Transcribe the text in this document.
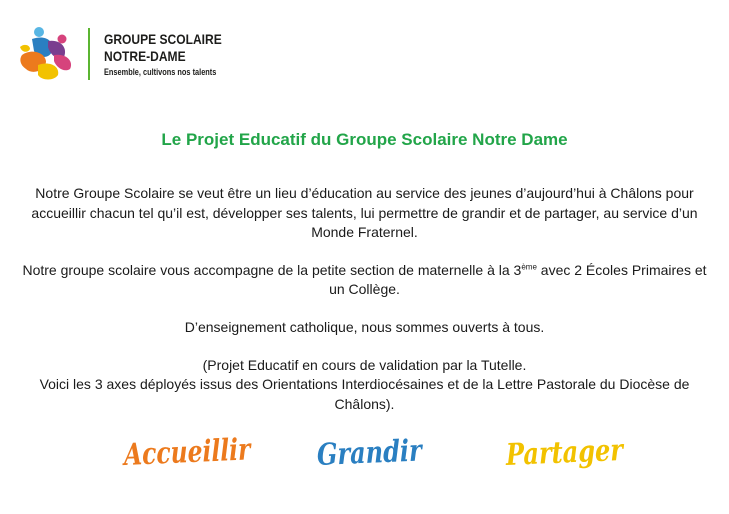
GROUPE SCOLAIRE
NOTRE-DAME
Ensemble, cultivons nos talents
Le Projet Educatif du Groupe Scolaire Notre Dame

Notre Groupe Scolaire se veut être un lieu d’éducation au service des jeunes d’aujourd’hui à Châlons pour accueillir chacun tel qu’il est, développer ses talents, lui permettre de grandir et de partager, au service d’un Monde Fraternel.

Notre groupe scolaire vous accompagne de la petite section de maternelle à la 3ème avec 2 Écoles Primaires et un Collège.

D’enseignement catholique, nous sommes ouverts à tous.

(Projet Educatif en cours de validation par la Tutelle.
Voici les 3 axes déployés issus des Orientations Interdiocésaines et de la Lettre Pastorale du Diocèse de Châlons).

Accueillir Grandir	Partager
